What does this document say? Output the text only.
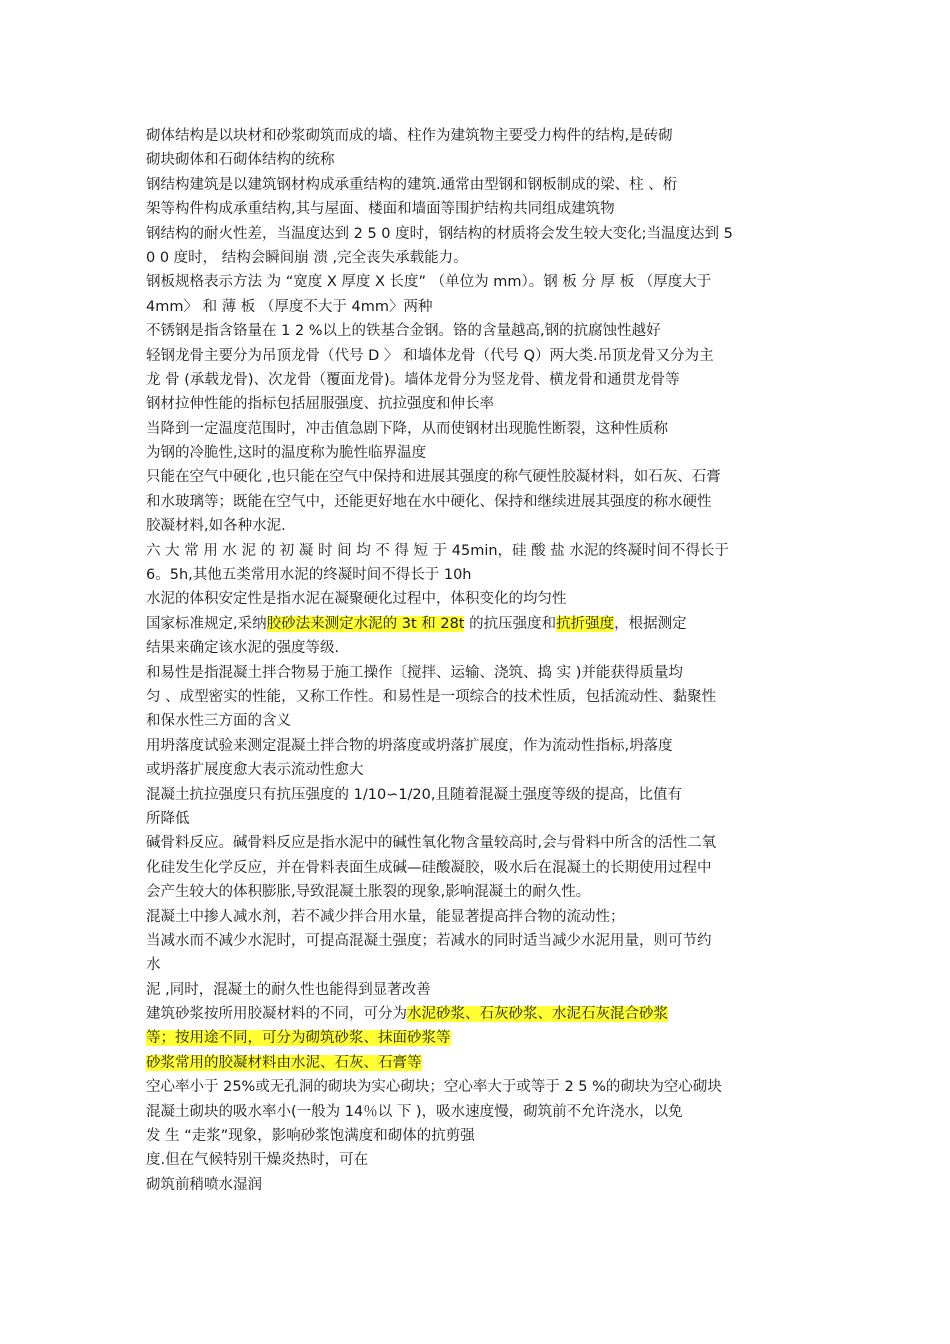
砌体结构是以块材和砂浆砌筑而成的墙、柱作为建筑物主要受力构件的结构,是砖砌
砌块砌体和石砌体结构的统称
钢结构建筑是以建筑钢材构成承重结构的建筑.通常由型钢和钢板制成的梁、柱 、桁
架等构件构成承重结构,其与屋面、楼面和墙面等围护结构共同组成建筑物
钢结构的耐火性差，当温度达到 2 5 0 度时，钢结构的材质将会发生较大变化;当温度达到 5
0 0 度时， 结构会瞬间崩 溃 ,完全丧失承载能力。
钢板规格表示方法 为 “宽度 X 厚度 X 长度” （单位为 mm）。钢 板 分 厚 板 （厚度大于
4mm〉 和 薄 板 （厚度不大于 4mm〉两种
不锈钢是指含铬量在 1 2 %以上的铁基合金钢。铬的含量越高,钢的抗腐蚀性越好
轻钢龙骨主要分为吊顶龙骨（代号 D 〉 和墙体龙骨（代号 Q）两大类.吊顶龙骨又分为主
龙 骨 (承载龙骨)、次龙骨（覆面龙骨)。墙体龙骨分为竖龙骨、横龙骨和通贯龙骨等
钢材拉伸性能的指标包括屈服强度、抗拉强度和伸长率
当降到一定温度范围时，冲击值急剧下降，从而使钢材出现脆性断裂，这种性质称
为钢的冷脆性,这时的温度称为脆性临界温度
只能在空气中硬化 ,也只能在空气中保持和进展其强度的称气硬性胶凝材料，如石灰、石膏
和水玻璃等；既能在空气中，还能更好地在水中硬化、保持和继续进展其强度的称水硬性
胶凝材料,如各种水泥.
六 大 常 用 水 泥 的 初 凝 时 间 均 不 得 短 于 45min，硅 酸 盐 水泥的终凝时间不得长于
6。5h,其他五类常用水泥的终凝时间不得长于 10h
水泥的体积安定性是指水泥在凝聚硬化过程中，体积变化的均匀性
国家标准规定,采纳胶砂法来测定水泥的 3t 和 28t 的抗压强度和抗折强度，根据测定
结果来确定该水泥的强度等级.
和易性是指混凝土拌合物易于施工操作〔搅拌、运输、浇筑、捣 实 )并能获得质量均
匀 、成型密实的性能，又称工作性。和易性是一项综合的技术性质，包括流动性、黏聚性
和保水性三方面的含义
用坍落度试验来测定混凝土拌合物的坍落度或坍落扩展度，作为流动性指标,坍落度
或坍落扩展度愈大表示流动性愈大
混凝土抗拉强度只有抗压强度的 1/10∽1/20,且随着混凝土强度等级的提高，比值有
所降低
碱骨料反应。碱骨料反应是指水泥中的碱性氧化物含量较高时,会与骨料中所含的活性二氧
化硅发生化学反应，并在骨料表面生成碱—硅酸凝胶，吸水后在混凝土的长期使用过程中
会产生较大的体积膨胀,导致混凝土胀裂的现象,影响混凝土的耐久性。
混凝土中掺人减水剂，若不减少拌合用水量，能显著提高拌合物的流动性；
当减水而不减少水泥时，可提高混凝土强度；若减水的同时适当减少水泥用量，则可节约
水
泥 ,同时，混凝土的耐久性也能得到显著改善
建筑砂浆按所用胶凝材料的不同，可分为水泥砂浆、石灰砂浆、水泥石灰混合砂浆
等；按用途不同，可分为砌筑砂浆、抹面砂浆等
砂浆常用的胶凝材料由水泥、石灰、石膏等
空心率小于 25%或无孔洞的砌块为实心砌块；空心率大于或等于 2 5 %的砌块为空心砌块
混凝土砌块的吸水率小(一般为 14％以 下 )，吸水速度慢，砌筑前不允许浇水，以免
发 生 “走浆”现象，影响砂浆饱满度和砌体的抗剪强
度.但在气候特别干燥炎热时，可在
砌筑前稍喷水湿润
